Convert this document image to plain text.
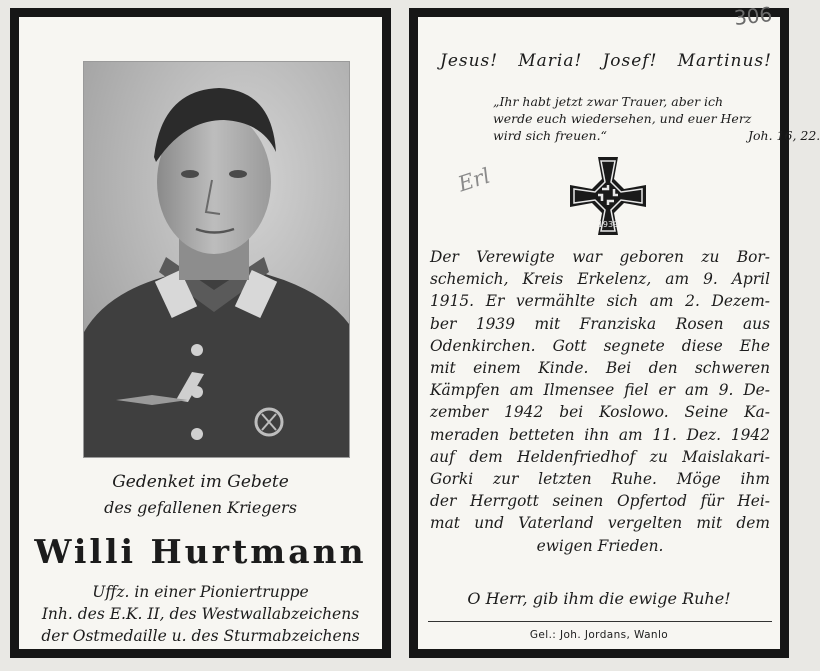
Gedenket im Gebete
des gefallenen Kriegers
Willi Hurtmann
Uffz. in einer Pioniertruppe
Inh. des E.K. II, des Westwallabzeichens
der Ostmedaille u. des Sturmabzeichens
Jesus! Maria! Josef! Martinus!
„Ihr habt jetzt zwar Trauer, aber ich
werde euch wiedersehen, und euer Herz
wird sich freuen.“	Joh. 16, 22.
1939
Der Verewigte war geboren zu Bor-
schemich, Kreis Erkelenz, am 9. April
1915. Er vermählte sich am 2. Dezem-
ber 1939 mit Franziska Rosen aus
Odenkirchen. Gott segnete diese Ehe
mit einem Kinde. Bei den schweren
Kämpfen am Ilmensee fiel er am 9. De-
zember 1942 bei Koslowo. Seine Ka-
meraden betteten ihn am 11. Dez. 1942
auf dem Heldenfriedhof zu Maislakari-
Gorki zur letzten Ruhe. Möge ihm
der Herrgott seinen Opfertod für Hei-
mat und Vaterland vergelten mit dem
ewigen Frieden.
O Herr, gib ihm die ewige Ruhe!
Gel.: Joh. Jordans, Wanlo
306
Erl
